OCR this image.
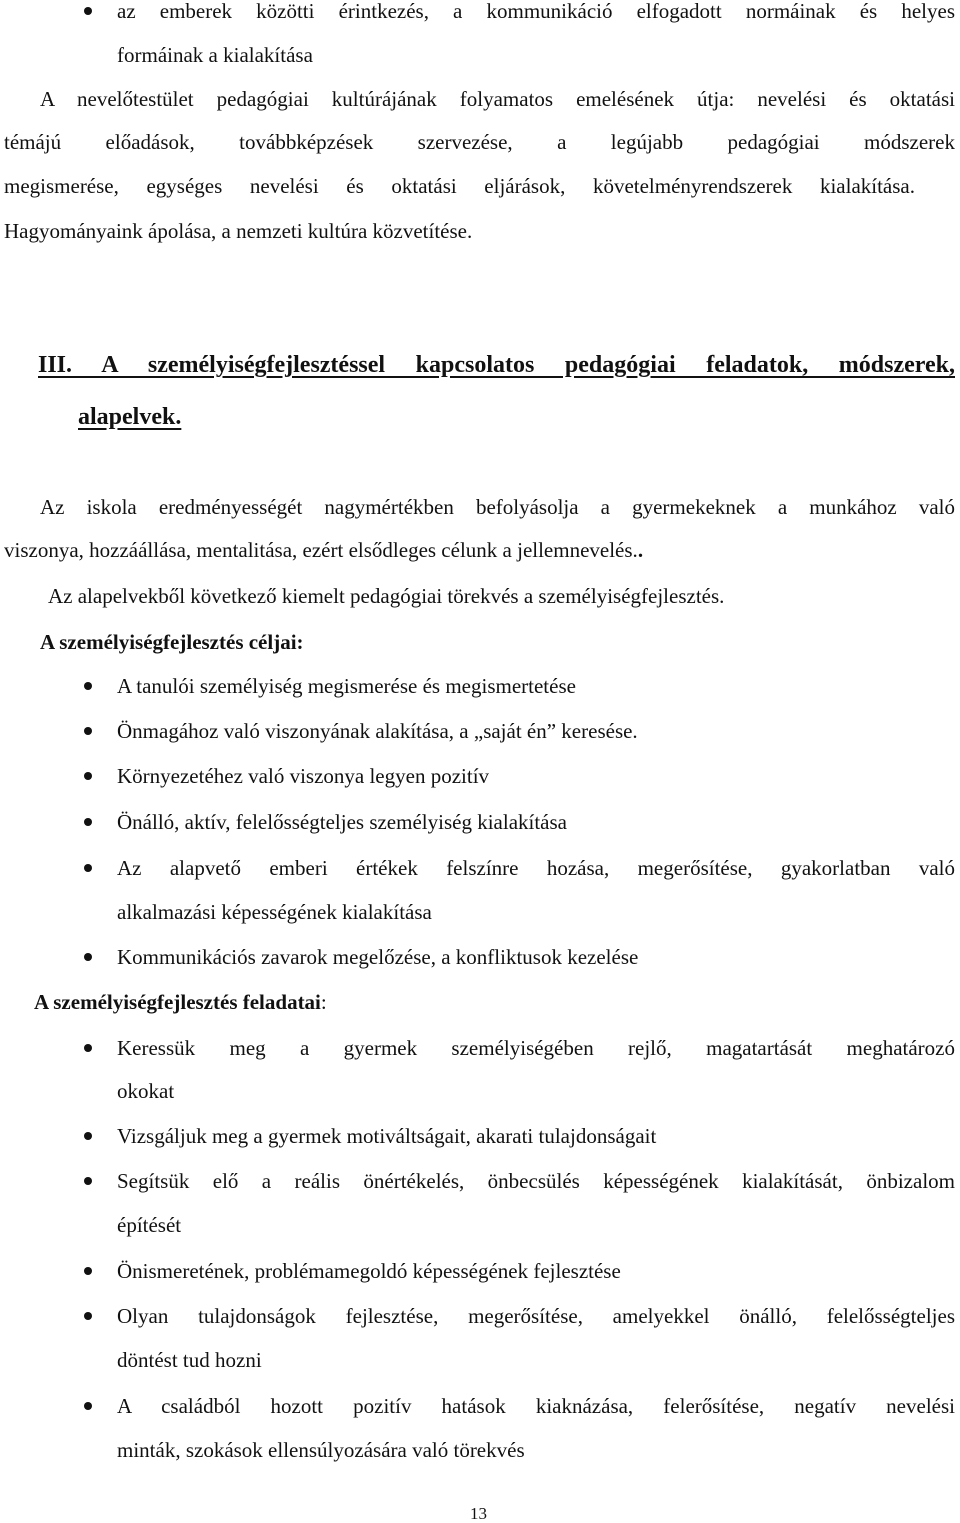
az emberek közötti érintkezés, a kommunikáció elfogadott normáinak és helyes
formáinak a kialakítása
A nevelőtestület pedagógiai kultúrájának folyamatos emelésének útja: nevelési és oktatási
témájú előadások, továbbképzések szervezése, a legújabb pedagógiai módszerek
megismerése, egységes nevelési és oktatási eljárások, követelményrendszerek kialakítása.
Hagyományaink ápolása, a nemzeti kultúra közvetítése.
III. A személyiségfejlesztéssel kapcsolatos pedagógiai feladatok, módszerek,
alapelvek.
Az iskola eredményességét nagymértékben befolyásolja a gyermekeknek a munkához való
viszonya, hozzáállása, mentalitása, ezért elsődleges célunk a jellemnevelés..
Az alapelvekből következő kiemelt pedagógiai törekvés a személyiségfejlesztés.
A személyiségfejlesztés céljai:
A tanulói személyiség megismerése és megismertetése
Önmagához való viszonyának alakítása, a „saját én” keresése.
Környezetéhez való viszonya legyen pozitív
Önálló, aktív, felelősségteljes személyiség kialakítása
Az alapvető emberi értékek felszínre hozása, megerősítése, gyakorlatban való
alkalmazási képességének kialakítása
Kommunikációs zavarok megelőzése, a konfliktusok kezelése
A személyiségfejlesztés feladatai:
Keressük meg a gyermek személyiségében rejlő, magatartását meghatározó
okokat
Vizsgáljuk meg a gyermek motiváltságait, akarati tulajdonságait
Segítsük elő a reális önértékelés, önbecsülés képességének kialakítását, önbizalom
építését
Önismeretének, problémamegoldó képességének fejlesztése
Olyan tulajdonságok fejlesztése, megerősítése, amelyekkel önálló, felelősségteljes
döntést tud hozni
A családból hozott pozitív hatások kiaknázása, felerősítése, negatív nevelési
minták, szokások ellensúlyozására való törekvés
13
